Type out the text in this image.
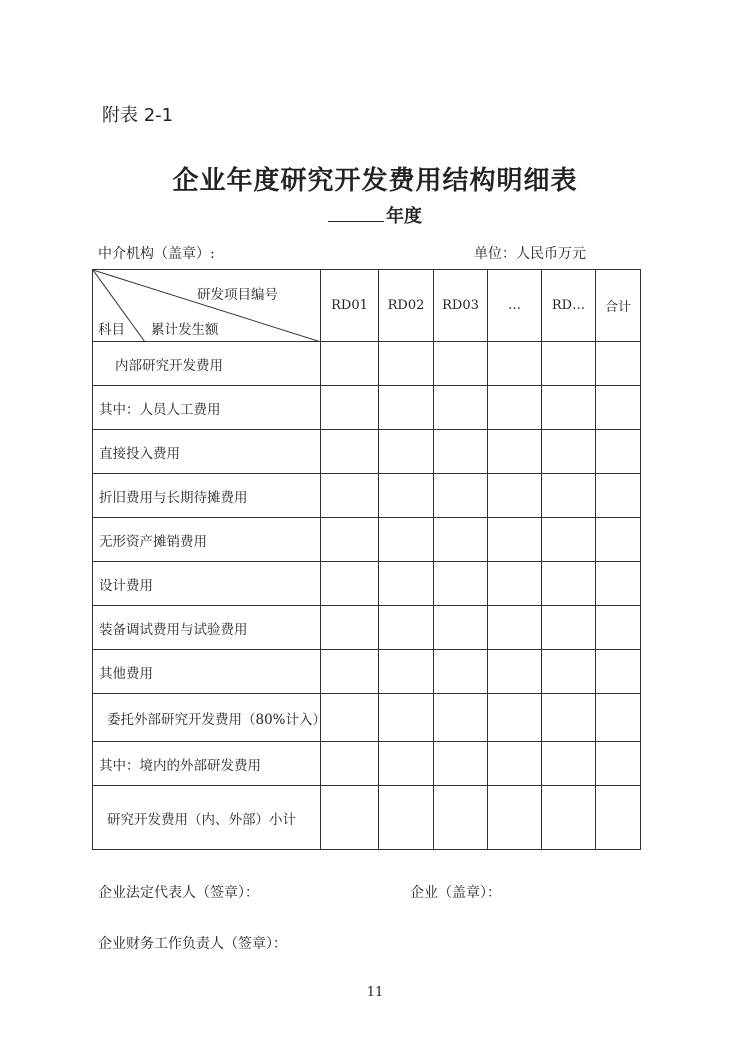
附表 2-1
企业年度研究开发费用结构明细表
年度
中介机构（盖章）:	单位：人民币万元
研发项目编号
科目 累计发生额	RD01	RD02	RD03	…	RD…	合计
内部研究开发费用						
其中：人员人工费用						
直接投入费用						
折旧费用与长期待摊费用						
无形资产摊销费用						
设计费用						
装备调试费用与试验费用						
其他费用						
委托外部研究开发费用（80%计入）						
其中：境内的外部研发费用						
研究开发费用（内、外部）小计						
企业法定代表人（签章）：	企业（盖章）：
企业财务工作负责人（签章）：
11
